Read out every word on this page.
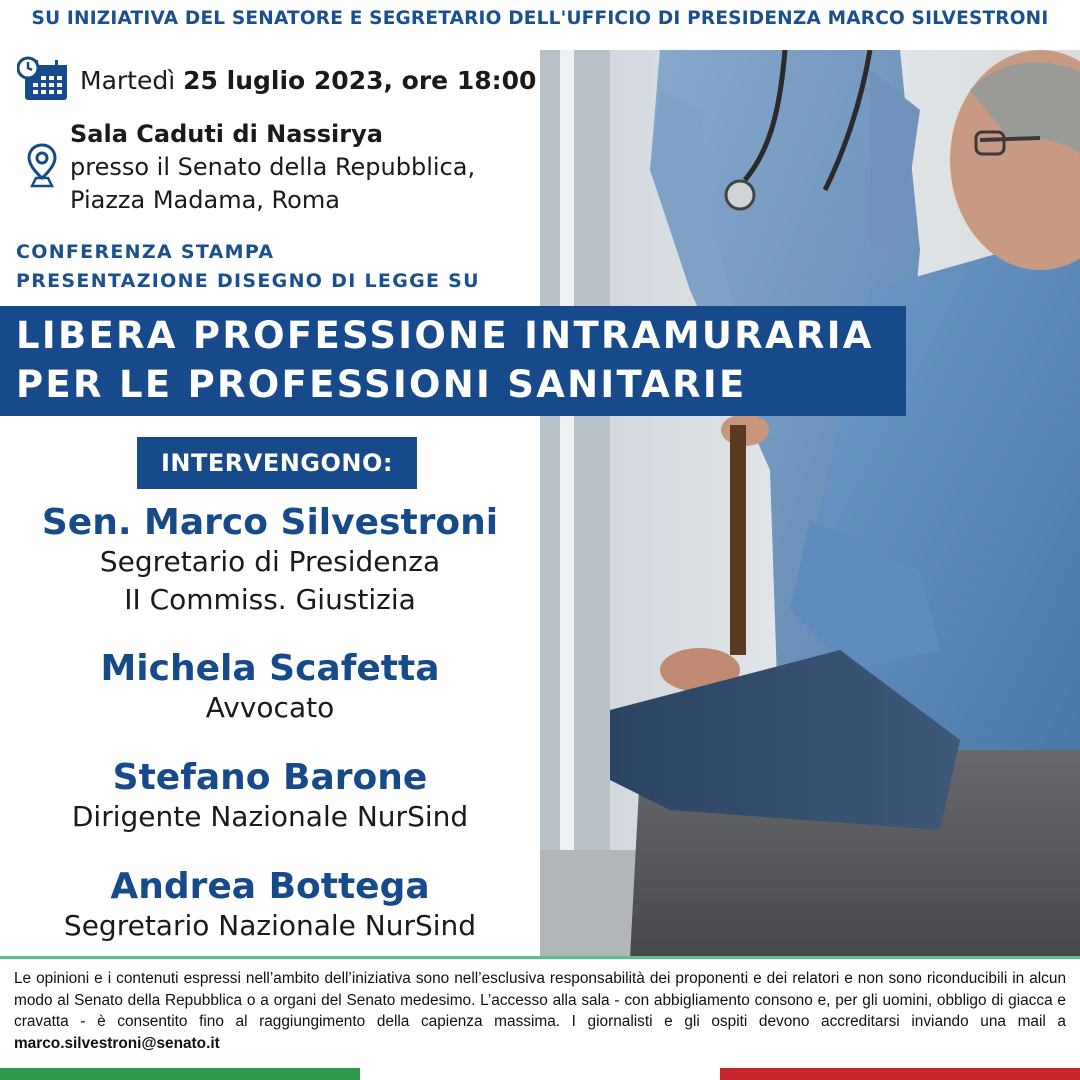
SU INIZIATIVA DEL SENATORE E SEGRETARIO DELL'UFFICIO DI PRESIDENZA MARCO SILVESTRONI
Martedì 25 luglio 2023, ore 18:00
Sala Caduti di Nassirya
presso il Senato della Repubblica,
Piazza Madama, Roma
CONFERENZA STAMPA
PRESENTAZIONE DISEGNO DI LEGGE SU
LIBERA PROFESSIONE INTRAMURARIA
PER LE PROFESSIONI SANITARIE
INTERVENGONO:
Sen. Marco Silvestroni
Segretario di Presidenza
II Commiss. Giustizia
Michela Scafetta
Avvocato
Stefano Barone
Dirigente Nazionale NurSind
Andrea Bottega
Segretario Nazionale NurSind
Le opinioni e i contenuti espressi nell’ambito dell’iniziativa sono nell’esclusiva responsabilità dei proponenti e dei relatori e non sono riconducibili in alcun modo al Senato della Repubblica o a organi del Senato medesimo. L’accesso alla sala - con abbigliamento consono e, per gli uomini, obbligo di giacca e cravatta - è consentito fino al raggiungimento della capienza massima. I giornalisti e gli ospiti devono accreditarsi inviando una mail a marco.silvestroni@senato.it
